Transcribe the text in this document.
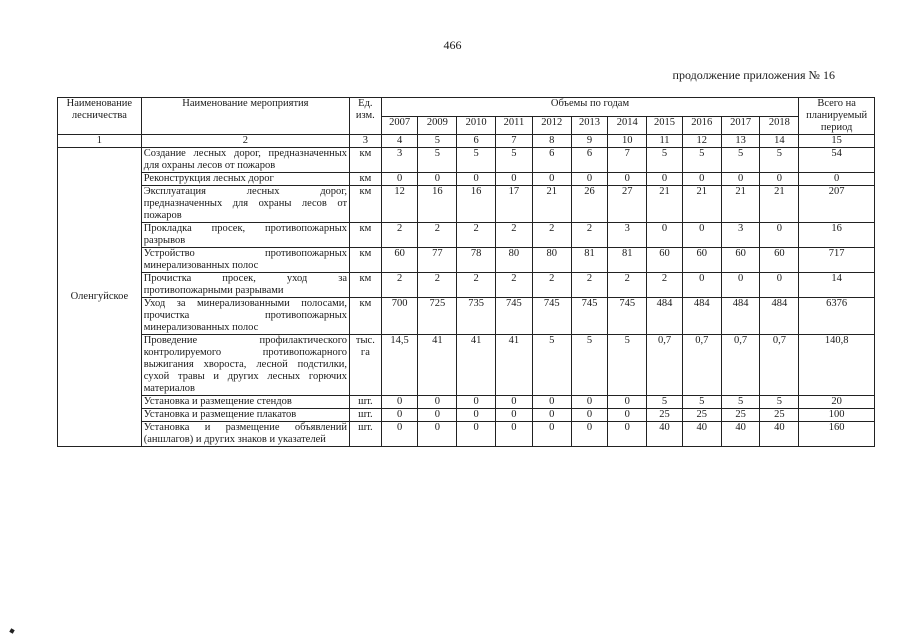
466
продолжение приложения № 16
Наименование лесничества	Наименование мероприятия	Ед. изм.	Объемы по годам											Всего на планируемый период
			2007	2009	2010	2011	2012	2013	2014	2015	2016	2017	2018	
1	2	3	4	5	6	7	8	9	10	11	12	13	14	15
Оленгуйское	Создание лесных дорог, предназначенных для охраны лесов от пожаров	км	3	5	5	5	6	6	7	5	5	5	5	54
	Реконструкция лесных дорог	км	0	0	0	0	0	0	0	0	0	0	0	0
	Эксплуатация лесных дорог, предназначенных для охраны лесов от пожаров	км	12	16	16	17	21	26	27	21	21	21	21	207
	Прокладка просек, противопожарных разрывов	км	2	2	2	2	2	2	3	0	0	3	0	16
	Устройство противопожарных минерализованных полос	км	60	77	78	80	80	81	81	60	60	60	60	717
	Прочистка просек, уход за противопожарными разрывами	км	2	2	2	2	2	2	2	2	0	0	0	14
	Уход за минерализованными полосами, прочистка противопожарных минерализованных полос	км	700	725	735	745	745	745	745	484	484	484	484	6376
	Проведение профилактического контролируемого противопожарного выжигания хвороста, лесной подстилки, сухой травы и других лесных горючих материалов	тыс. га	14,5	41	41	41	5	5	5	0,7	0,7	0,7	0,7	140,8
	Установка и размещение стендов	шт.	0	0	0	0	0	0	0	5	5	5	5	20
	Установка и размещение плакатов	шт.	0	0	0	0	0	0	0	25	25	25	25	100
	Установка и размещение объявлений (аншлагов) и других знаков и указателей	шт.	0	0	0	0	0	0	0	40	40	40	40	160
